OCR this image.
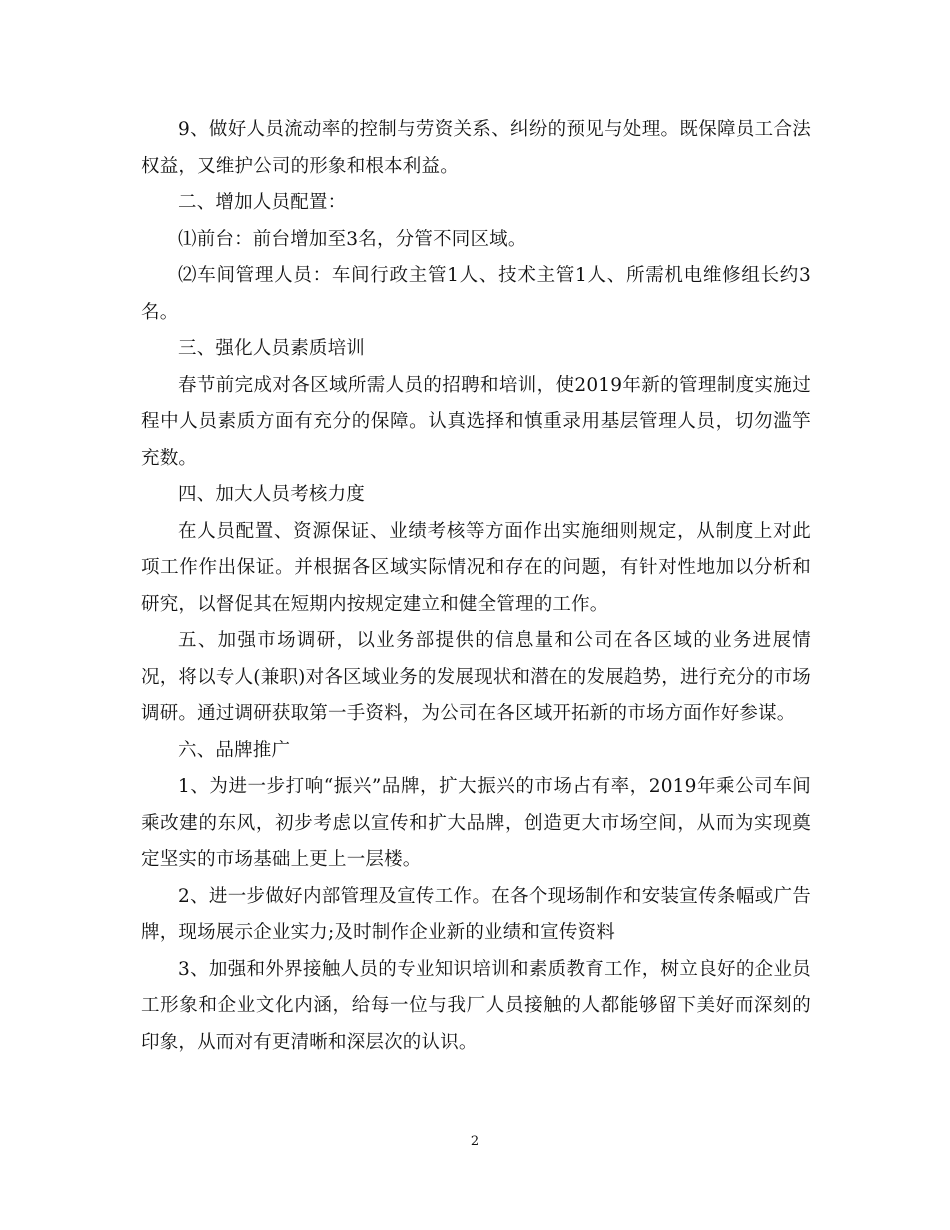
9、做好人员流动率的控制与劳资关系、纠纷的预见与处理。既保障员工合法权益，又维护公司的形象和根本利益。

二、增加人员配置：

⑴前台：前台增加至3名，分管不同区域。

⑵车间管理人员：车间行政主管1人、技术主管1人、所需机电维修组长约3名。

三、强化人员素质培训

春节前完成对各区域所需人员的招聘和培训，使2019年新的管理制度实施过程中人员素质方面有充分的保障。认真选择和慎重录用基层管理人员，切勿滥竽充数。

四、加大人员考核力度

在人员配置、资源保证、业绩考核等方面作出实施细则规定，从制度上对此项工作作出保证。并根据各区域实际情况和存在的问题，有针对性地加以分析和研究，以督促其在短期内按规定建立和健全管理的工作。

五、加强市场调研，以业务部提供的信息量和公司在各区域的业务进展情况，将以专人(兼职)对各区域业务的发展现状和潜在的发展趋势，进行充分的市场调研。通过调研获取第一手资料，为公司在各区域开拓新的市场方面作好参谋。

六、品牌推广

1、为进一步打响“振兴”品牌，扩大振兴的市场占有率，2019年乘公司车间乘改建的东风，初步考虑以宣传和扩大品牌，创造更大市场空间，从而为实现奠定坚实的市场基础上更上一层楼。

2、进一步做好内部管理及宣传工作。在各个现场制作和安装宣传条幅或广告牌，现场展示企业实力;及时制作企业新的业绩和宣传资料

3、加强和外界接触人员的专业知识培训和素质教育工作，树立良好的企业员工形象和企业文化内涵，给每一位与我厂人员接触的人都能够留下美好而深刻的印象，从而对有更清晰和深层次的认识。

2
